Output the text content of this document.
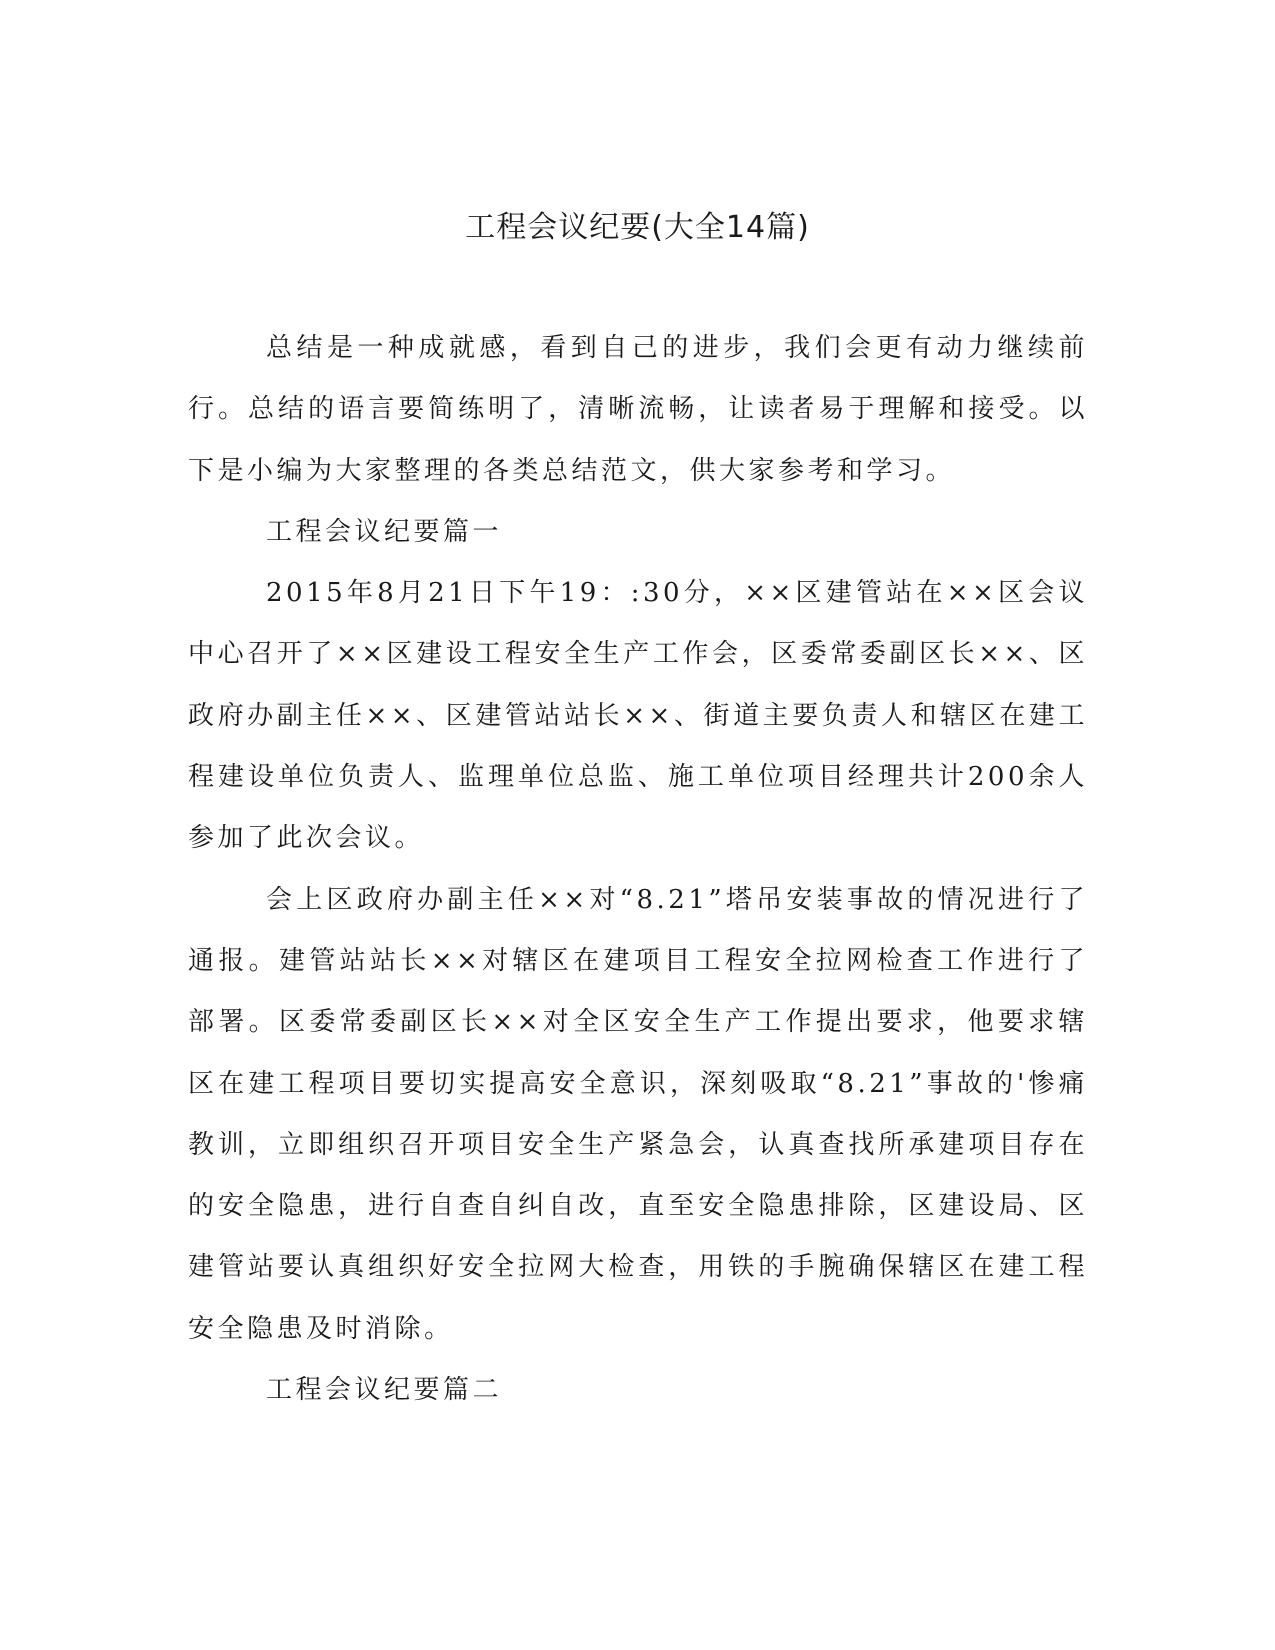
工程会议纪要(大全14篇)

总结是一种成就感，看到自己的进步，我们会更有动力继续前行。总结的语言要简练明了，清晰流畅，让读者易于理解和接受。以下是小编为大家整理的各类总结范文，供大家参考和学习。

工程会议纪要篇一

2015年8月21日下午19：:30分，××区建管站在××区会议中心召开了××区建设工程安全生产工作会，区委常委副区长××、区政府办副主任××、区建管站站长××、街道主要负责人和辖区在建工程建设单位负责人、监理单位总监、施工单位项目经理共计200余人参加了此次会议。

会上区政府办副主任××对“8.21”塔吊安装事故的情况进行了通报。建管站站长××对辖区在建项目工程安全拉网检查工作进行了部署。区委常委副区长××对全区安全生产工作提出要求，他要求辖区在建工程项目要切实提高安全意识，深刻吸取“8.21”事故的'惨痛教训，立即组织召开项目安全生产紧急会，认真查找所承建项目存在的安全隐患，进行自查自纠自改，直至安全隐患排除，区建设局、区建管站要认真组织好安全拉网大检查，用铁的手腕确保辖区在建工程安全隐患及时消除。

工程会议纪要篇二
